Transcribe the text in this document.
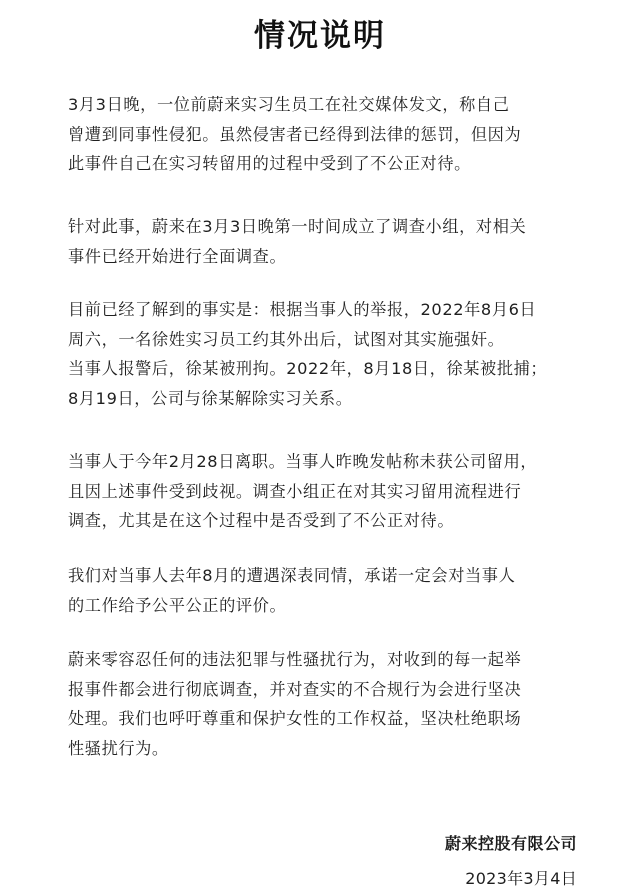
情况说明
3月3日晚，一位前蔚来实习生员工在社交媒体发文，称自己
曾遭到同事性侵犯。虽然侵害者已经得到法律的惩罚，但因为
此事件自己在实习转留用的过程中受到了不公正对待。
针对此事，蔚来在3月3日晚第一时间成立了调查小组，对相关
事件已经开始进行全面调查。
目前已经了解到的事实是：根据当事人的举报，2022年8月6日
周六，一名徐姓实习员工约其外出后，试图对其实施强奸。
当事人报警后，徐某被刑拘。2022年，8月18日，徐某被批捕；
8月19日，公司与徐某解除实习关系。
当事人于今年2月28日离职。当事人昨晚发帖称未获公司留用，
且因上述事件受到歧视。调查小组正在对其实习留用流程进行
调查，尤其是在这个过程中是否受到了不公正对待。
我们对当事人去年8月的遭遇深表同情，承诺一定会对当事人
的工作给予公平公正的评价。
蔚来零容忍任何的违法犯罪与性骚扰行为，对收到的每一起举
报事件都会进行彻底调查，并对查实的不合规行为会进行坚决
处理。我们也呼吁尊重和保护女性的工作权益，坚决杜绝职场
性骚扰行为。
蔚来控股有限公司
2023年3月4日
